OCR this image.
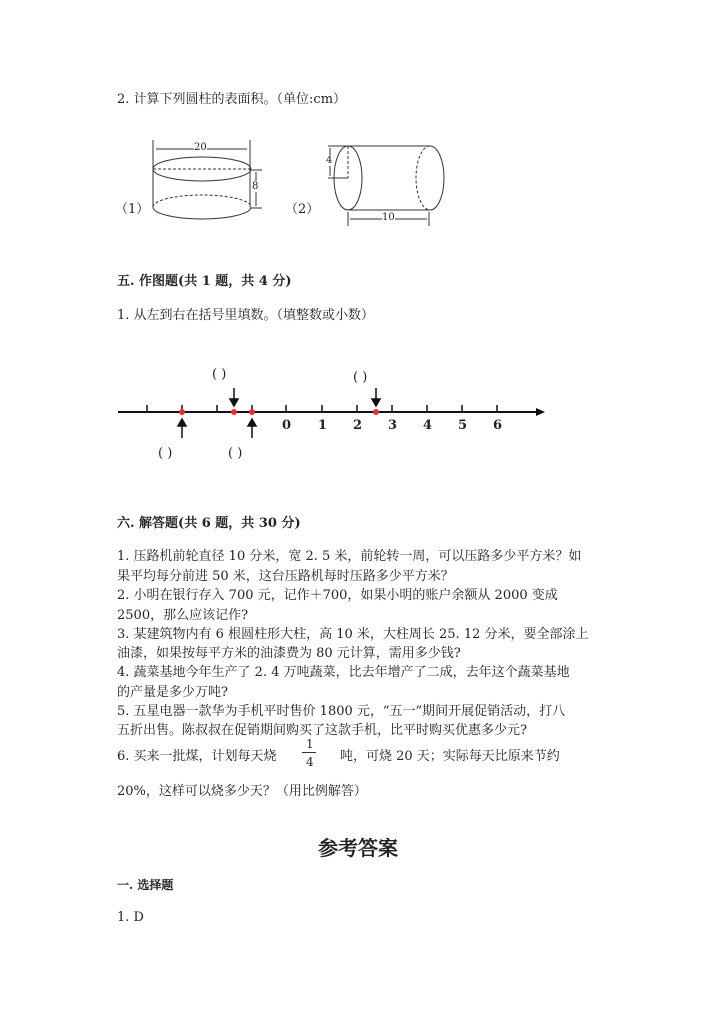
2. 计算下列圆柱的表面积。（单位:cm）
20
8
（1）
4
10
（2）
五. 作图题(共 1 题，共 4 分)
1. 从左到右在括号里填数。（填整数或小数）
0 1 2 3 4 5 6
( )	( )
( )	( )
六. 解答题(共 6 题，共 30 分)
1. 压路机前轮直径 10 分米，宽 2. 5 米，前轮转一周，可以压路多少平方米？如
果平均每分前进 50 米，这台压路机每时压路多少平方米？
2. 小明在银行存入 700 元，记作＋700，如果小明的账户余额从 2000 变成
2500，那么应该记作?
3. 某建筑物内有 6 根圆柱形大柱，高 10 米，大柱周长 25. 12 分米，要全部涂上
油漆，如果按每平方米的油漆费为 80 元计算，需用多少钱?
4. 蔬菜基地今年生产了 2. 4 万吨蔬菜，比去年增产了二成，去年这个蔬菜基地
的产量是多少万吨?
5. 五星电器一款华为手机平时售价 1800 元，“五一”期间开展促销活动，打八
五折出售。陈叔叔在促销期间购买了这款手机，比平时购买优惠多少元?
6. 买来一批煤，计划每天烧
1
4 吨，可烧 20 天；实际每天比原来节约
20%，这样可以烧多少天？（用比例解答）
参考答案
一. 选择题
1. D
